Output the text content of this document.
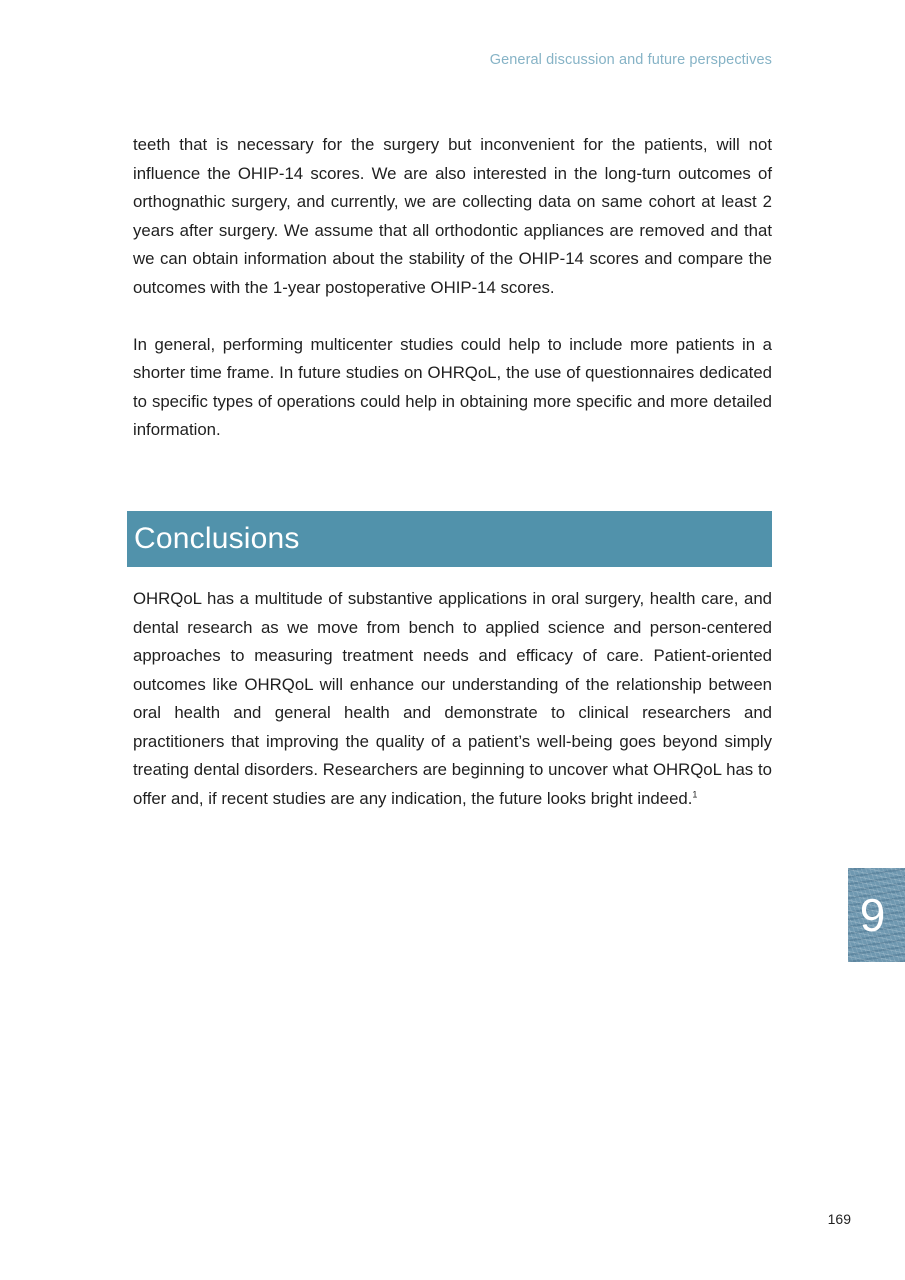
General discussion and future perspectives

teeth that is necessary for the surgery but inconvenient for the patients, will not influence the OHIP-14 scores. We are also interested in the long-turn outcomes of orthognathic surgery, and currently, we are collecting data on same cohort at least 2 years after surgery. We assume that all orthodontic appliances are removed and that we can obtain information about the stability of the OHIP-14 scores and compare the outcomes with the 1-year postoperative OHIP-14 scores.

In general, performing multicenter studies could help to include more patients in a shorter time frame. In future studies on OHRQoL, the use of questionnaires dedicated to specific types of operations could help in obtaining more specific and more detailed information.

Conclusions

OHRQoL has a multitude of substantive applications in oral surgery, health care, and dental research as we move from bench to applied science and person-centered approaches to measuring treatment needs and efficacy of care. Patient-oriented outcomes like OHRQoL will enhance our understanding of the relationship between oral health and general health and demonstrate to clinical researchers and practitioners that improving the quality of a patient’s well-being goes beyond simply treating dental disorders. Researchers are beginning to uncover what OHRQoL has to offer and, if recent studies are any indication, the future looks bright indeed.$^1$

9
169
